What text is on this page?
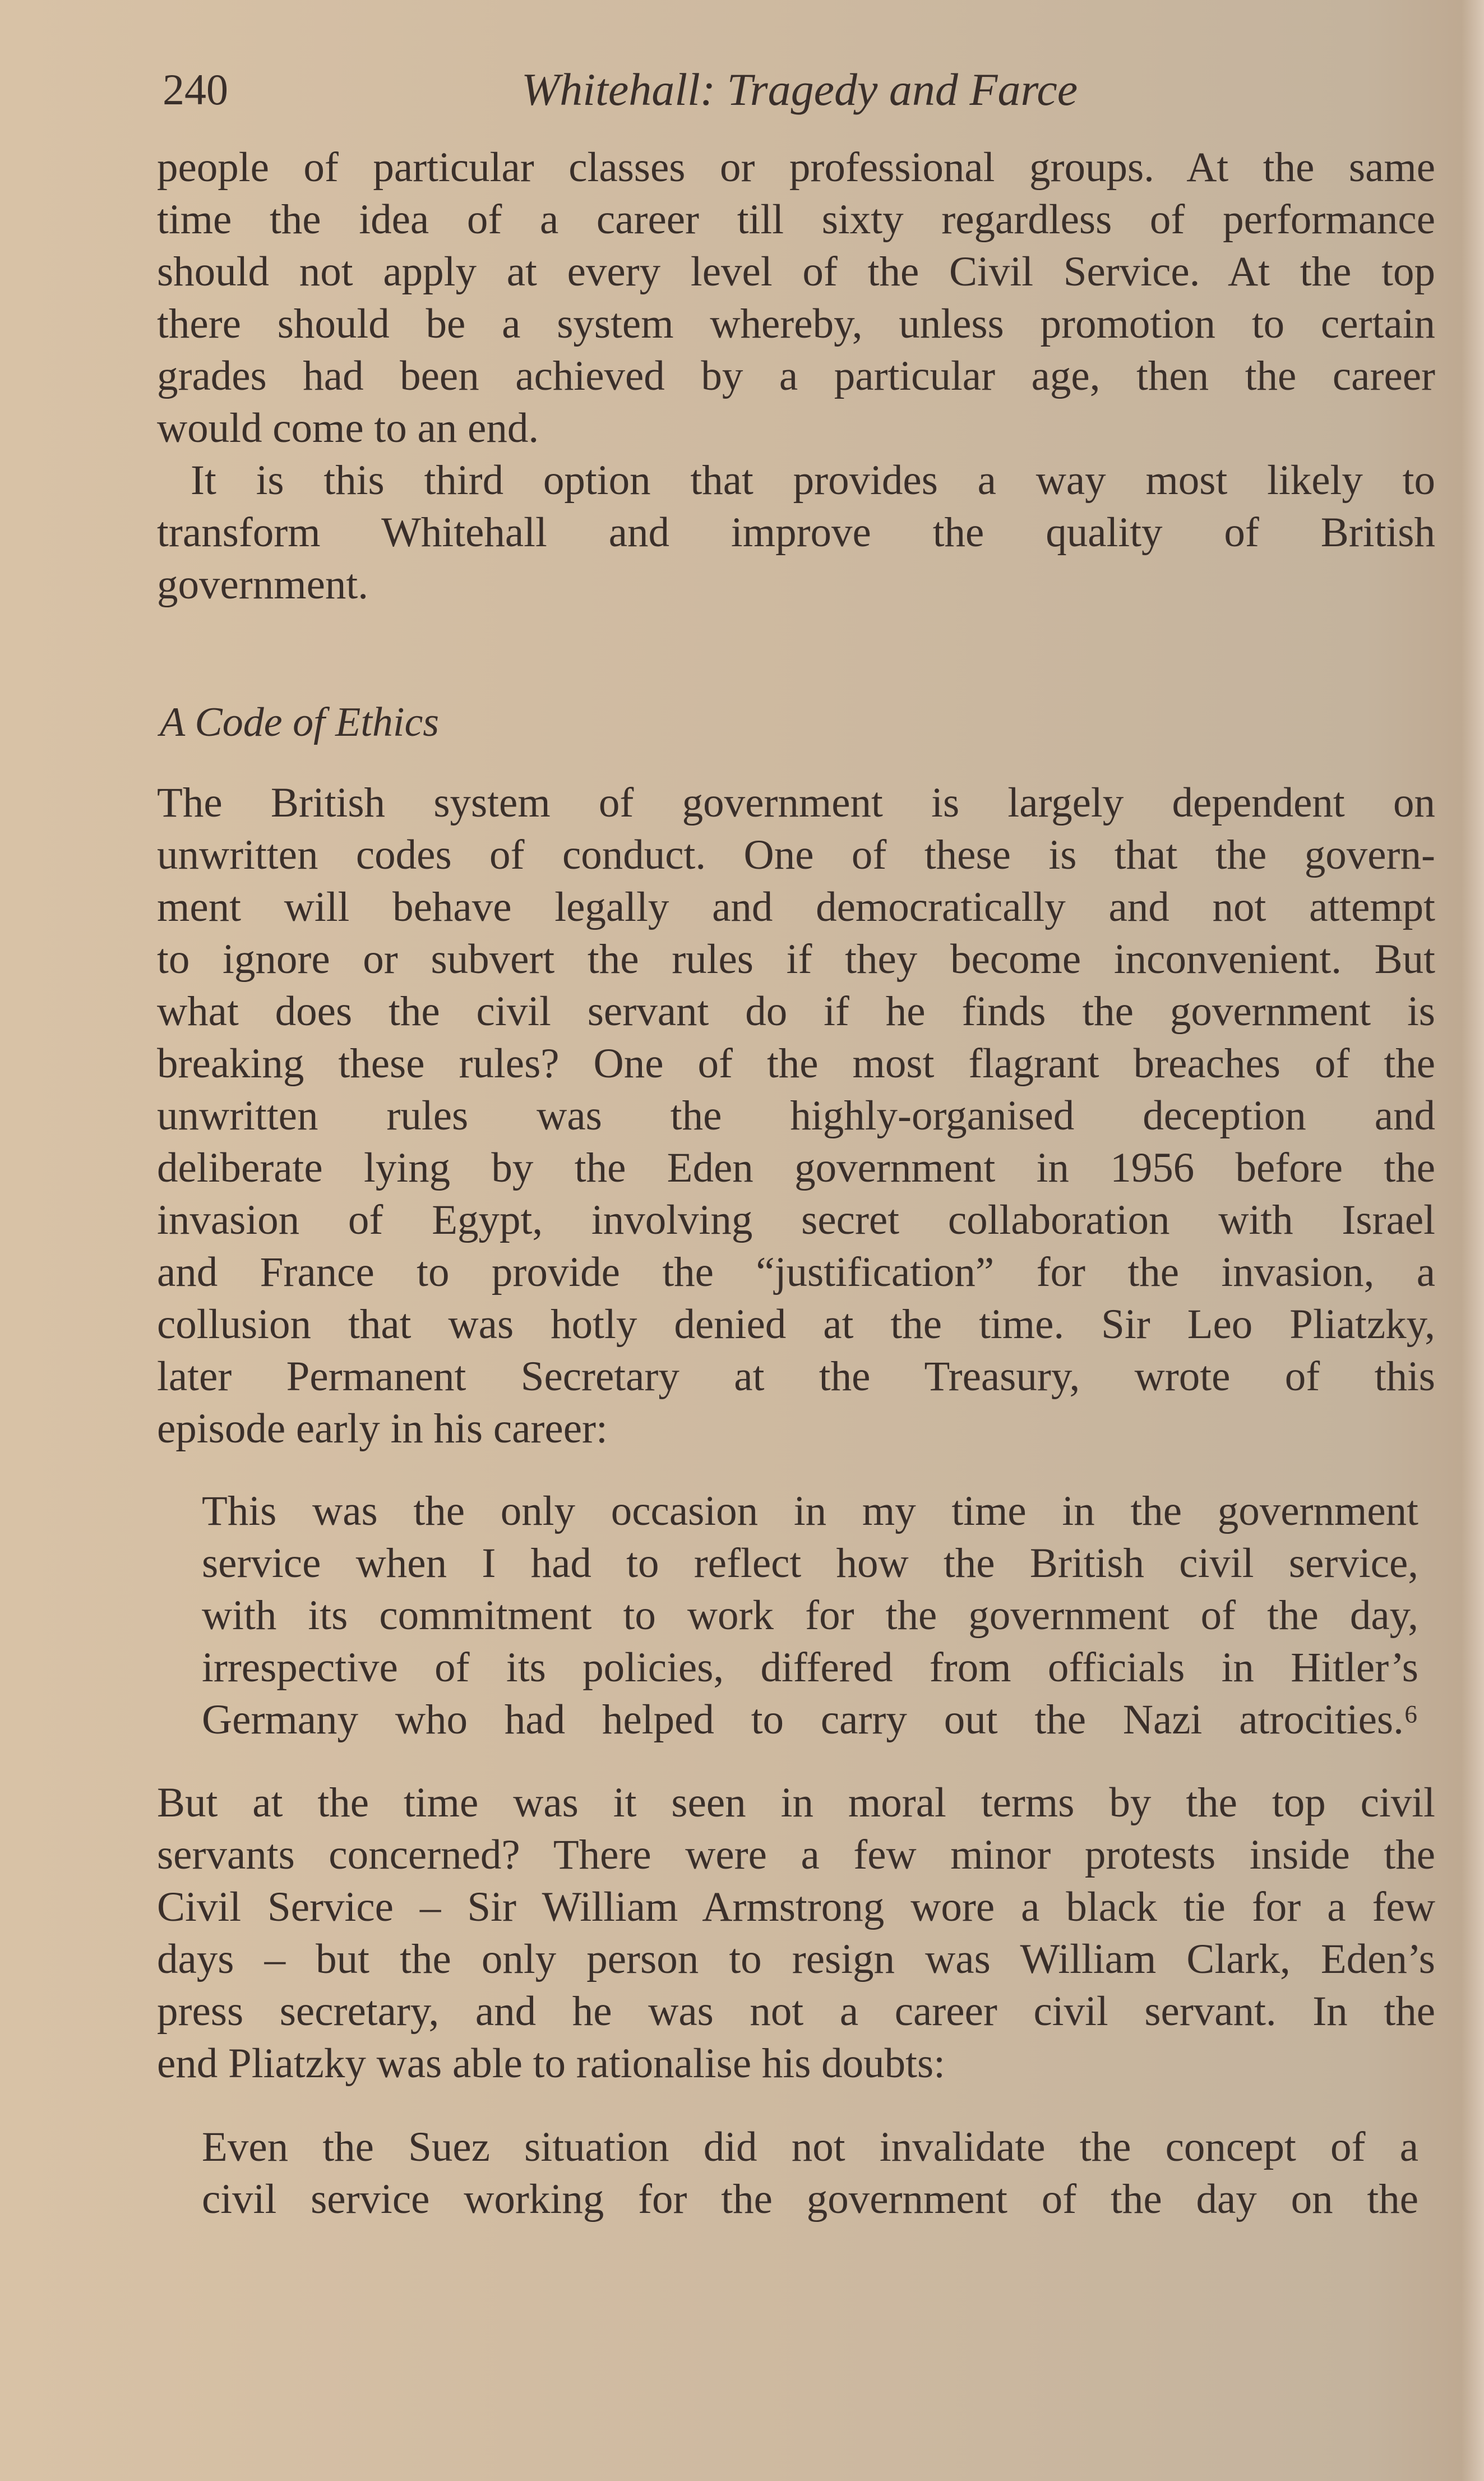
240	Whitehall: Tragedy and Farce
people of particular classes or professional groups. At the same
time the idea of a career till sixty regardless of performance
should not apply at every level of the Civil Service. At the top
there should be a system whereby, unless promotion to certain
grades had been achieved by a particular age, then the career
would come to an end.
It is this third option that provides a way most likely to
transform Whitehall and improve the quality of British
government.
A Code of Ethics
The British system of government is largely dependent on
unwritten codes of conduct. One of these is that the govern-
ment will behave legally and democratically and not attempt
to ignore or subvert the rules if they become inconvenient. But
what does the civil servant do if he finds the government is
breaking these rules? One of the most flagrant breaches of the
unwritten rules was the highly-organised deception and
deliberate lying by the Eden government in 1956 before the
invasion of Egypt, involving secret collaboration with Israel
and France to provide the “justification” for the invasion, a
collusion that was hotly denied at the time. Sir Leo Pliatzky,
later Permanent Secretary at the Treasury, wrote of this
episode early in his career:
This was the only occasion in my time in the government
service when I had to reflect how the British civil service,
with its commitment to work for the government of the day,
irrespective of its policies, differed from officials in Hitler’s
Germany who had helped to carry out the Nazi atrocities.⁶
But at the time was it seen in moral terms by the top civil
servants concerned? There were a few minor protests inside the
Civil Service – Sir William Armstrong wore a black tie for a few
days – but the only person to resign was William Clark, Eden’s
press secretary, and he was not a career civil servant. In the
end Pliatzky was able to rationalise his doubts:
Even the Suez situation did not invalidate the concept of a
civil service working for the government of the day on the
